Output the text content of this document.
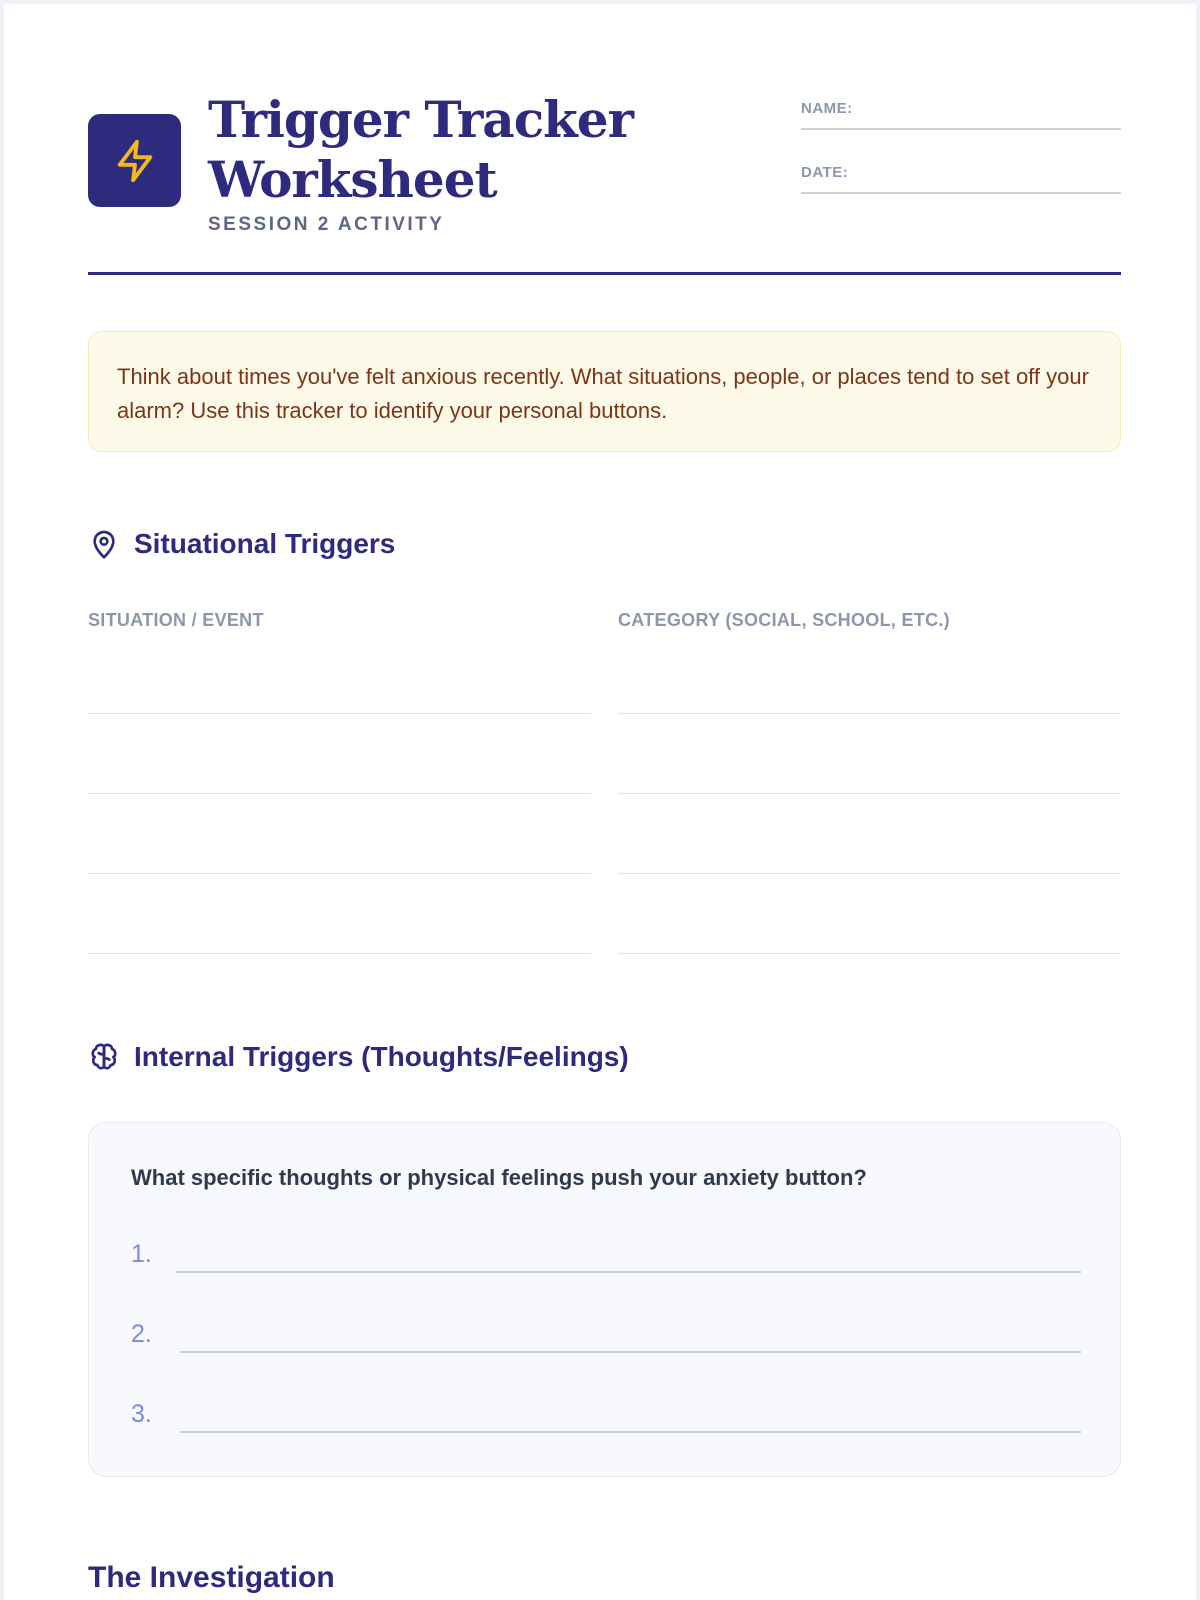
Trigger Tracker
Worksheet
SESSION 2 ACTIVITY
NAME:
DATE:
Think about times you've felt anxious recently. What situations, people, or places tend to set off your alarm? Use this tracker to identify your personal buttons.
Situational Triggers
SITUATION / EVENT	CATEGORY (SOCIAL, SCHOOL, ETC.)
Internal Triggers (Thoughts/Feelings)
What specific thoughts or physical feelings push your anxiety button?
1.
2.
3.
The Investigation
